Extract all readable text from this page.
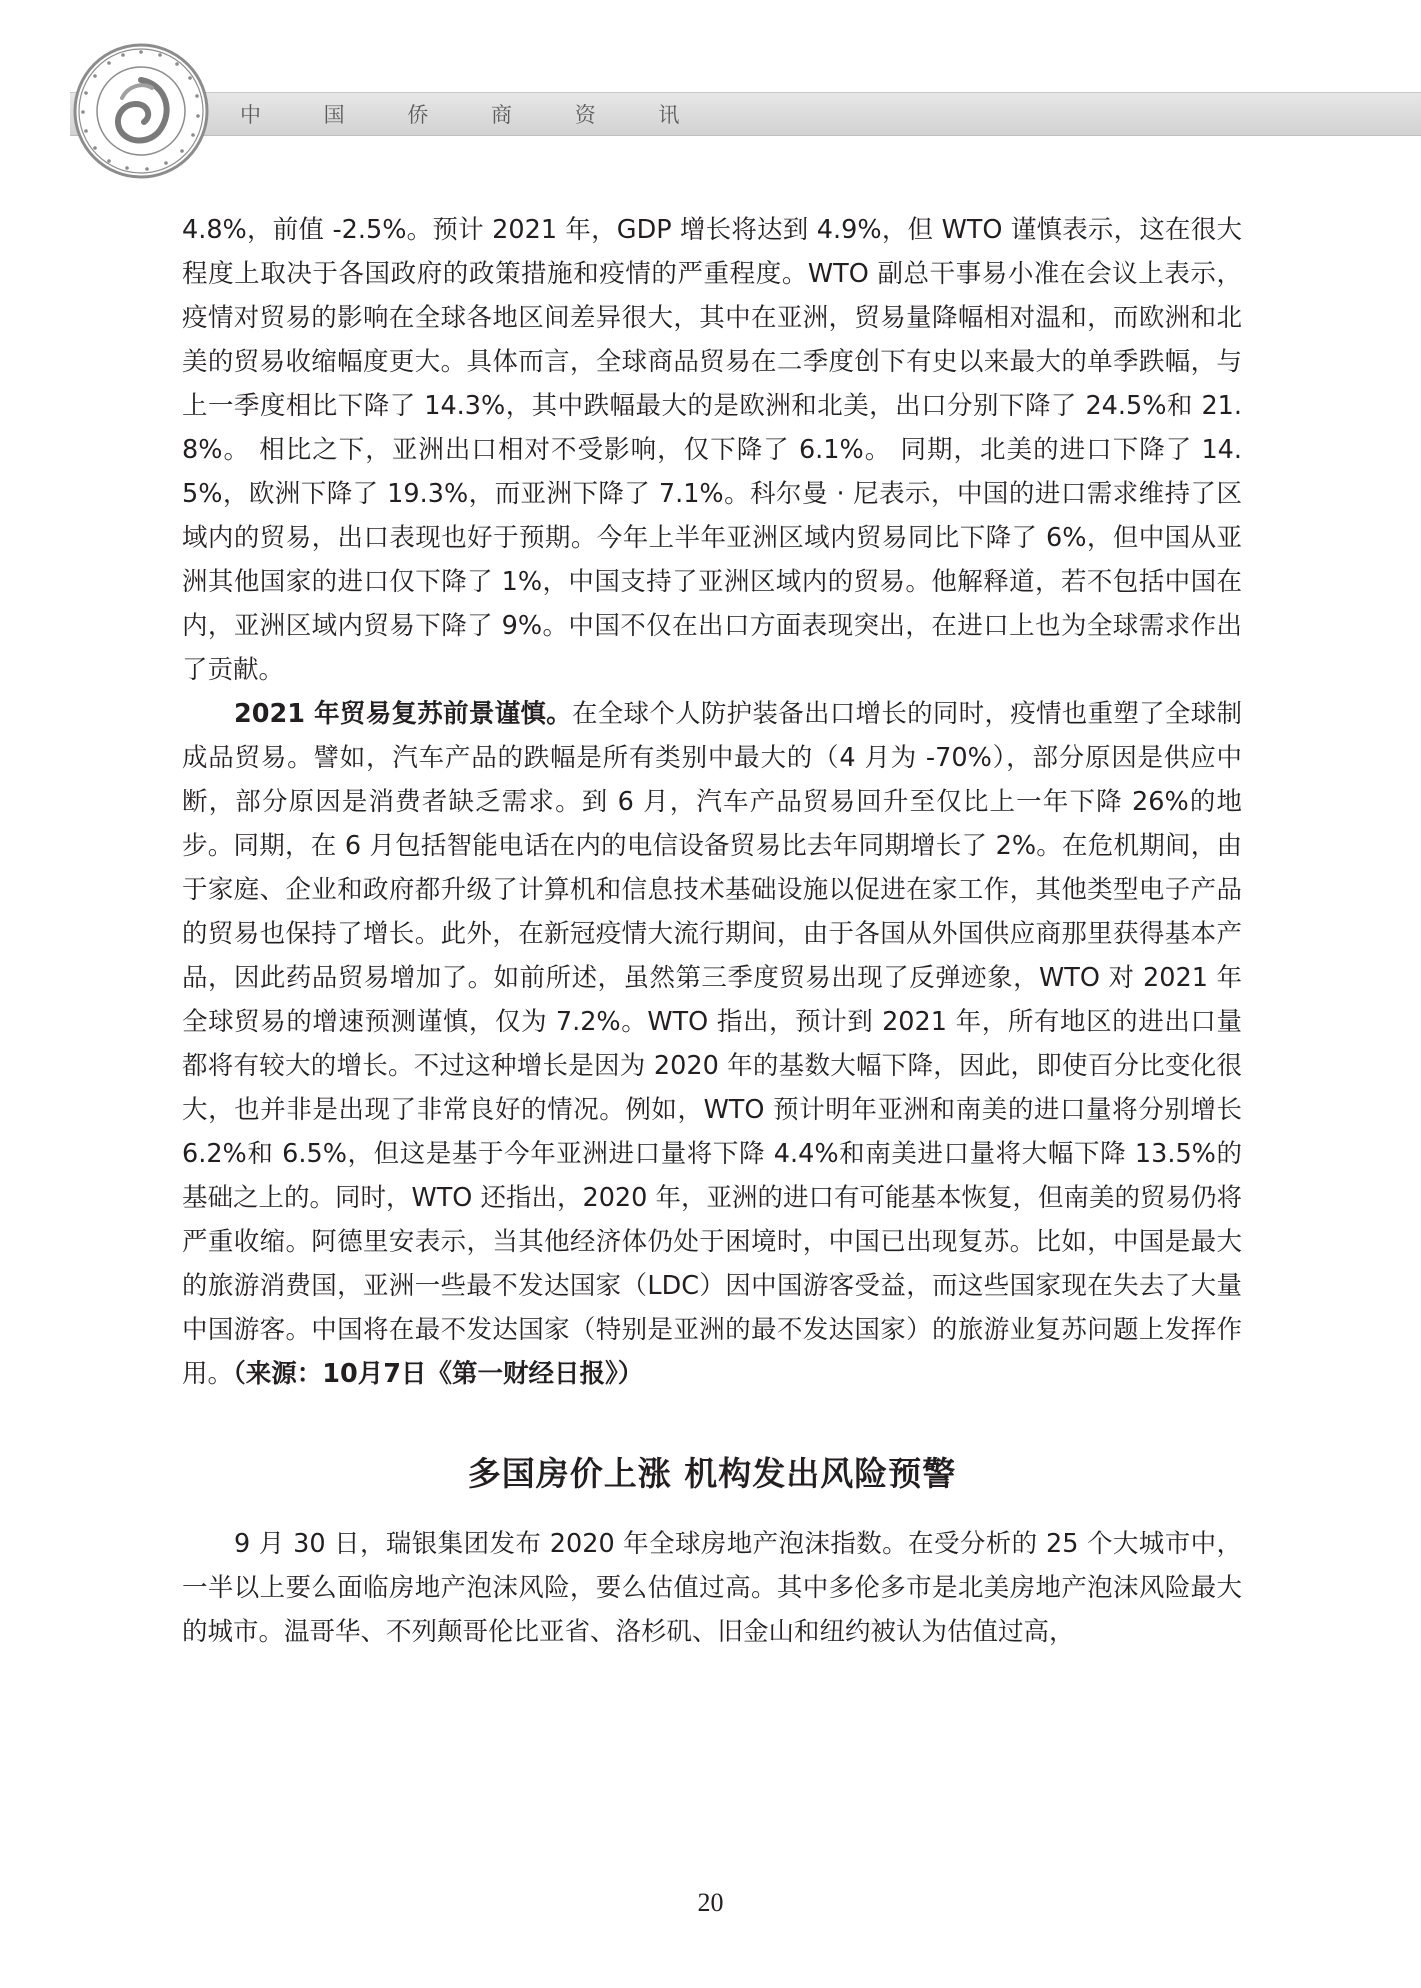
中 国 侨 商 资 讯

4.8%，前值 -2.5%。预计 2021 年，GDP 增长将达到 4.9%，但 WTO 谨慎表示，这在很大程度上取决于各国政府的政策措施和疫情的严重程度。WTO 副总干事易小准在会议上表示，疫情对贸易的影响在全球各地区间差异很大，其中在亚洲，贸易量降幅相对温和，而欧洲和北美的贸易收缩幅度更大。具体而言，全球商品贸易在二季度创下有史以来最大的单季跌幅，与上一季度相比下降了 14.3%，其中跌幅最大的是欧洲和北美，出口分别下降了 24.5%和 21.8%。 相比之下，亚洲出口相对不受影响，仅下降了 6.1%。 同期，北美的进口下降了 14.5%，欧洲下降了 19.3%，而亚洲下降了 7.1%。科尔曼 · 尼表示，中国的进口需求维持了区域内的贸易，出口表现也好于预期。今年上半年亚洲区域内贸易同比下降了 6%，但中国从亚洲其他国家的进口仅下降了 1%，中国支持了亚洲区域内的贸易。他解释道，若不包括中国在内，亚洲区域内贸易下降了 9%。中国不仅在出口方面表现突出，在进口上也为全球需求作出了贡献。

2021 年贸易复苏前景谨慎。在全球个人防护装备出口增长的同时，疫情也重塑了全球制成品贸易。譬如，汽车产品的跌幅是所有类别中最大的（4 月为 -70%），部分原因是供应中断，部分原因是消费者缺乏需求。到 6 月，汽车产品贸易回升至仅比上一年下降 26%的地步。同期，在 6 月包括智能电话在内的电信设备贸易比去年同期增长了 2%。在危机期间，由于家庭、企业和政府都升级了计算机和信息技术基础设施以促进在家工作，其他类型电子产品的贸易也保持了增长。此外，在新冠疫情大流行期间，由于各国从外国供应商那里获得基本产品，因此药品贸易增加了。如前所述，虽然第三季度贸易出现了反弹迹象，WTO 对 2021 年全球贸易的增速预测谨慎，仅为 7.2%。WTO 指出，预计到 2021 年，所有地区的进出口量都将有较大的增长。不过这种增长是因为 2020 年的基数大幅下降，因此，即使百分比变化很大，也并非是出现了非常良好的情况。例如，WTO 预计明年亚洲和南美的进口量将分别增长 6.2%和 6.5%，但这是基于今年亚洲进口量将下降 4.4%和南美进口量将大幅下降 13.5%的基础之上的。同时，WTO 还指出，2020 年，亚洲的进口有可能基本恢复，但南美的贸易仍将严重收缩。阿德里安表示，当其他经济体仍处于困境时，中国已出现复苏。比如，中国是最大的旅游消费国，亚洲一些最不发达国家（LDC）因中国游客受益，而这些国家现在失去了大量中国游客。中国将在最不发达国家（特别是亚洲的最不发达国家）的旅游业复苏问题上发挥作用。（来源：10月7日《第一财经日报》）

多国房价上涨 机构发出风险预警

9 月 30 日，瑞银集团发布 2020 年全球房地产泡沫指数。在受分析的 25 个大城市中，一半以上要么面临房地产泡沫风险，要么估值过高。其中多伦多市是北美房地产泡沫风险最大的城市。温哥华、不列颠哥伦比亚省、洛杉矶、旧金山和纽约被认为估值过高，

20
